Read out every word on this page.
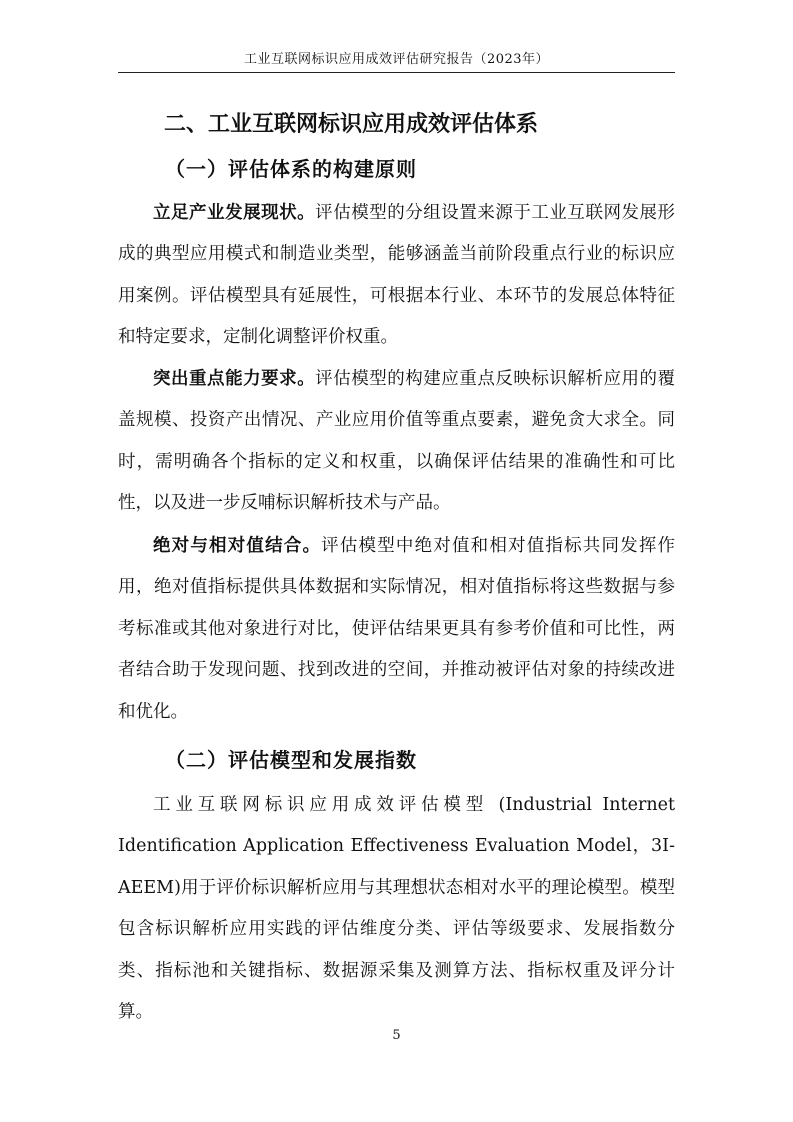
工业互联网标识应用成效评估研究报告（2023年）
二、工业互联网标识应用成效评估体系
（一）评估体系的构建原则

立足产业发展现状。评估模型的分组设置来源于工业互联网发展形成的典型应用模式和制造业类型，能够涵盖当前阶段重点行业的标识应用案例。评估模型具有延展性，可根据本行业、本环节的发展总体特征和特定要求，定制化调整评价权重。

突出重点能力要求。评估模型的构建应重点反映标识解析应用的覆盖规模、投资产出情况、产业应用价值等重点要素，避免贪大求全。同时，需明确各个指标的定义和权重，以确保评估结果的准确性和可比性，以及进一步反哺标识解析技术与产品。

绝对与相对值结合。评估模型中绝对值和相对值指标共同发挥作用，绝对值指标提供具体数据和实际情况，相对值指标将这些数据与参考标准或其他对象进行对比，使评估结果更具有参考价值和可比性，两者结合助于发现问题、找到改进的空间，并推动被评估对象的持续改进和优化。

（二）评估模型和发展指数

工业互联网标识应用成效评估模型 (Industrial Internet Identification Application Effectiveness Evaluation Model，3I-AEEM)用于评价标识解析应用与其理想状态相对水平的理论模型。模型包含标识解析应用实践的评估维度分类、评估等级要求、发展指数分类、指标池和关键指标、数据源采集及测算方法、指标权重及评分计算。

5
